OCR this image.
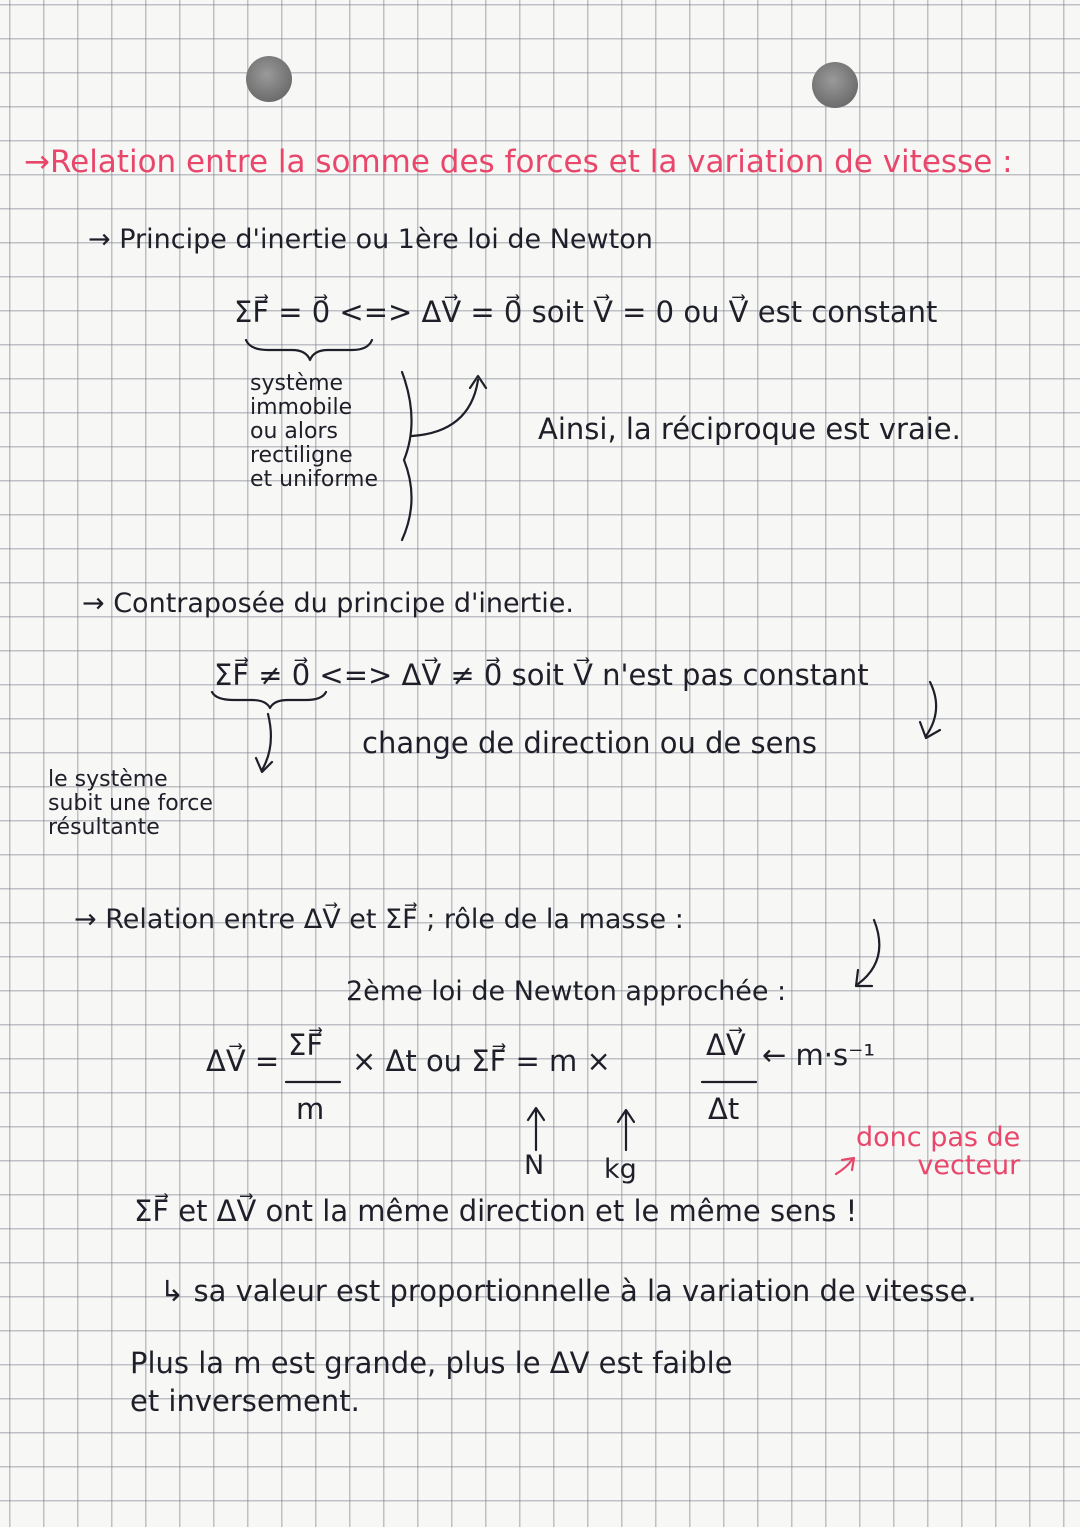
→Relation entre la somme des forces et la variation de vitesse :
→ Principe d'inertie ou 1ère loi de Newton
ΣF⃗ = 0⃗ <=> ΔV⃗ = 0⃗ soit V⃗ = 0 ou V⃗ est constant
système
immobile
ou alors
rectiligne
et uniforme
Ainsi, la réciproque est vraie.
→ Contraposée du principe d'inertie.
ΣF⃗ ≠ 0⃗ <=> ΔV⃗ ≠ 0⃗ soit V⃗ n'est pas constant
change de direction ou de sens
le système
subit une force
résultante
→ Relation entre ΔV⃗ et ΣF⃗ ; rôle de la masse :
2ème loi de Newton approchée :
ΔV⃗ = ΣF⃗
m
× Δt ou ΣF⃗ = m ×	ΔV⃗
Δt
← m·s⁻¹
N kg
donc pas de
vecteur
ΣF⃗ et ΔV⃗ ont la même direction et le même sens !
↳ sa valeur est proportionnelle à la variation de vitesse.
Plus la m est grande, plus le ΔV est faible
et inversement.
